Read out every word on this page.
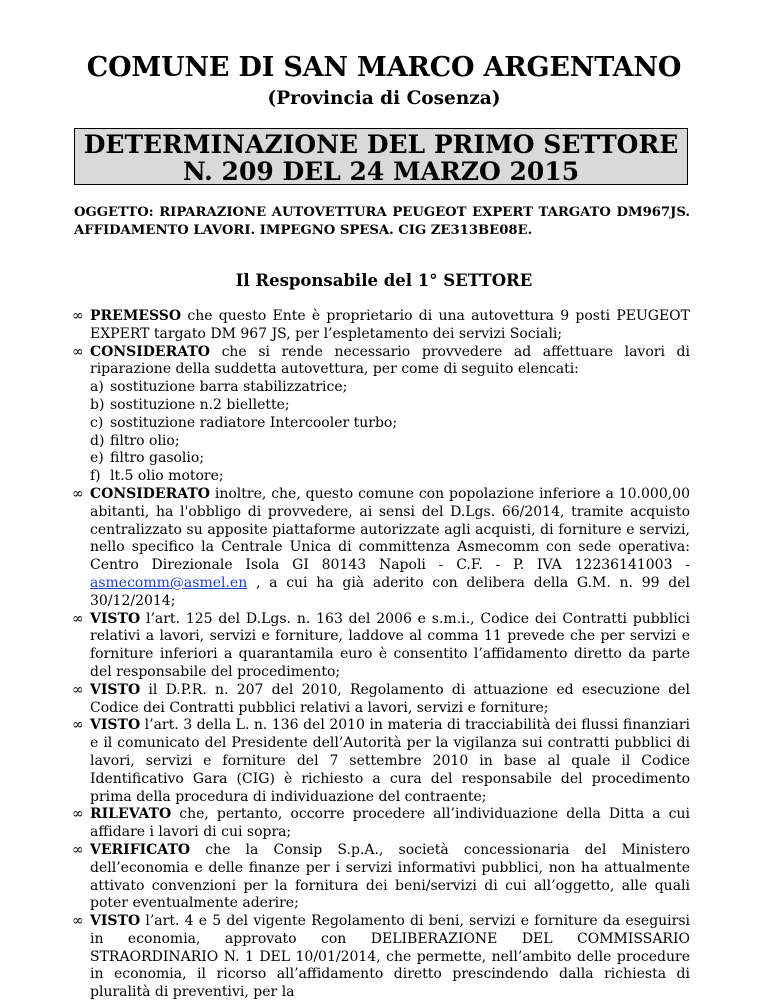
COMUNE DI SAN MARCO ARGENTANO
(Provincia di Cosenza)
DETERMINAZIONE DEL PRIMO SETTORE
N. 209 DEL 24 MARZO 2015
OGGETTO: RIPARAZIONE AUTOVETTURA PEUGEOT EXPERT TARGATO DM967JS. AFFIDAMENTO LAVORI. IMPEGNO SPESA. CIG ZE313BE08E.
Il Responsabile del 1° SETTORE
∞ PREMESSO che questo Ente è proprietario di una autovettura 9 posti PEUGEOT EXPERT targato DM 967 JS, per l’espletamento dei servizi Sociali;
∞ CONSIDERATO che si rende necessario provvedere ad affettuare lavori di riparazione della suddetta autovettura, per come di seguito elencati:
a) sostituzione barra stabilizzatrice;
b) sostituzione n.2 biellette;
c) sostituzione radiatore Intercooler turbo;
d) filtro olio;
e) filtro gasolio;
f) lt.5 olio motore;
∞ CONSIDERATO inoltre, che, questo comune con popolazione inferiore a 10.000,00 abitanti, ha l'obbligo di provvedere, ai sensi del D.Lgs. 66/2014, tramite acquisto centralizzato su apposite piattaforme autorizzate agli acquisti, di forniture e servizi, nello specifico la Centrale Unica di committenza Asmecomm con sede operativa: Centro Direzionale Isola GI 80143 Napoli - C.F. - P. IVA 12236141003 - asmecomm@asmel.en , a cui ha già aderito con delibera della G.M. n. 99 del 30/12/2014;
∞ VISTO l’art. 125 del D.Lgs. n. 163 del 2006 e s.m.i., Codice dei Contratti pubblici relativi a lavori, servizi e forniture, laddove al comma 11 prevede che per servizi e forniture inferiori a quarantamila euro è consentito l’affidamento diretto da parte del responsabile del procedimento;
∞ VISTO il D.P.R. n. 207 del 2010, Regolamento di attuazione ed esecuzione del Codice dei Contratti pubblici relativi a lavori, servizi e forniture;
∞ VISTO l’art. 3 della L. n. 136 del 2010 in materia di tracciabilità dei flussi finanziari e il comunicato del Presidente dell’Autorità per la vigilanza sui contratti pubblici di lavori, servizi e forniture del 7 settembre 2010 in base al quale il Codice Identificativo Gara (CIG) è richiesto a cura del responsabile del procedimento prima della procedura di individuazione del contraente;
∞ RILEVATO che, pertanto, occorre procedere all’individuazione della Ditta a cui affidare i lavori di cui sopra;
∞ VERIFICATO che la Consip S.p.A., società concessionaria del Ministero dell’economia e delle finanze per i servizi informativi pubblici, non ha attualmente attivato convenzioni per la fornitura dei beni/servizi di cui all’oggetto, alle quali poter eventualmente aderire;
∞ VISTO l’art. 4 e 5 del vigente Regolamento di beni, servizi e forniture da eseguirsi in economia, approvato con DELIBERAZIONE DEL COMMISSARIO STRAORDINARIO N. 1 DEL 10/01/2014, che permette, nell’ambito delle procedure in economia, il ricorso all’affidamento diretto prescindendo dalla richiesta di pluralità di preventivi, per la
